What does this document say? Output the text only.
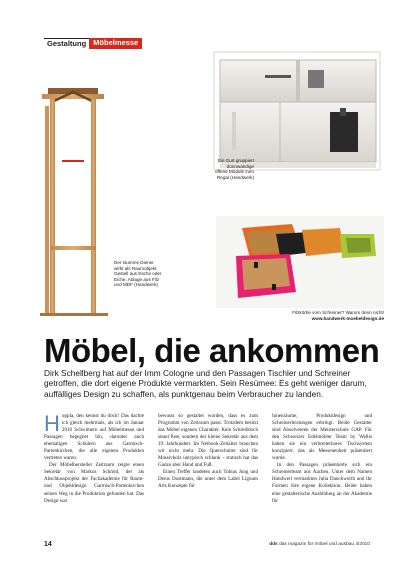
Gestaltung Möbelmesse
Ein Gurt gruppiert
dünnwandige
offene Module zum
Regal (Handwerk)
Der stumme Diener
wirkt als Raumobjekt.
Gestell aus Esche oder
Eiche, Ablage aus Filz
und MDF (Handwerk)
Filzkörbe vom Schreiner? Warum denn nicht!
www.handwerk-moebeldesign.de
Möbel, die ankommen
Dirk Schellberg hat auf der Imm Cologne und den Passagen Tischler und Schreiner getroffen, die dort eigene Produkte vermarkten. Sein Resümee: Es geht weniger darum, auffälliges Design zu schaffen, als punktgenau beim Verbraucher zu landen.
H oppla, den kennst du doch! Das dachte ich gleich mehrmals, als ich im Januar 2010 Schwimern auf Möbelmesse und Passagen begegnet bin, darunter auch ehemaligen Schülern aus Garmisch-Partenkirchen, die alle eigenen Produkten vertreten waren.

Der Möbelhersteller Zeitraum zeigte einen Sekretär von Markus Schmid, der als Abschlussprojekt der Fachakademie für Raum- und Objektdesign Garmisch-Partenkirchen seinen Weg in die Produktion gefunden hat. Das Design war

bewusst so gestaltet worden, dass es zum Programm von Zeitraum passt. Trotzdem besitzt das Möbel eigenen Charakter. Kein Schreibtisch stand Pate, sondern der kleine Sekretär aus dem 19. Jahrhundert. Im Netbook-Zeitalter brauchen wir nicht mehr. Die Querschnitte sind für Massivholz untypisch schlank – statisch hat das Ganze aber Hand und Fuß.

Einen Treffer landeten auch Tobias Jung und Denis Dostmann, die unter dem Label Lignum Arts Konzepte für

Innenräume, Produktdesign und Schreinerleistungen erbringt. Beide Gestalter sind Absolventen der Meisterschule GAP. Für den Schweizer Edelmöbler Team by Wellis haben sie ein verbreiterbares Tischsystem konzipiert, das als Messeneuheit präsentiert wurde.

In den Passagen präsentierte sich ein Schreinerteam aus Aachen. Unter dem Namen Handwerl vermarkten Julia Danckworth und Ihr Formen ihre eigene Kollektion. Beide haben eine gestalterische Ausbildung an der Akademie für

14	dds das magazin für möbel und ausbau 4/2010
